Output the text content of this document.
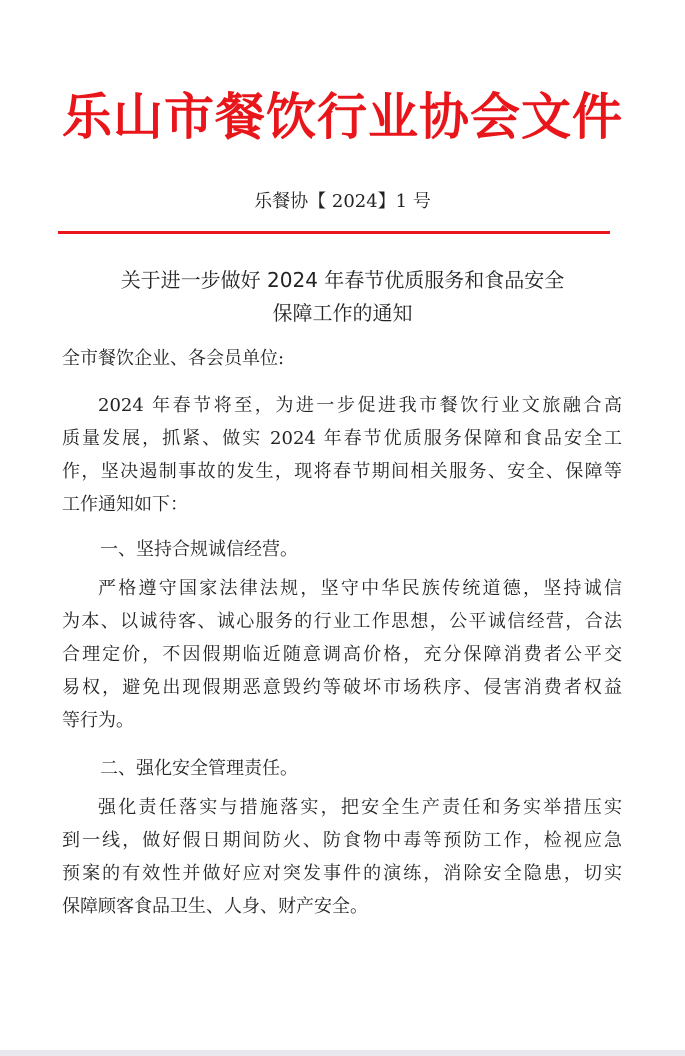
乐山市餐饮行业协会文件
乐餐协【 2024】1 号
关于进一步做好 2024 年春节优质服务和食品安全
保障工作的通知
全市餐饮企业、各会员单位:
2024 年春节将至，为进一步促进我市餐饮行业文旅融合高
质量发展，抓紧、做实 2024 年春节优质服务保障和食品安全工
作，坚决遏制事故的发生，现将春节期间相关服务、安全、保障等
工作通知如下：
一、坚持合规诚信经营。
严格遵守国家法律法规，坚守中华民族传统道德，坚持诚信
为本、以诚待客、诚心服务的行业工作思想，公平诚信经营，合法
合理定价，不因假期临近随意调高价格，充分保障消费者公平交
易权，避免出现假期恶意毁约等破坏市场秩序、侵害消费者权益
等行为。
二、强化安全管理责任。
强化责任落实与措施落实，把安全生产责任和务实举措压实
到一线，做好假日期间防火、防食物中毒等预防工作，检视应急
预案的有效性并做好应对突发事件的演练，消除安全隐患，切实
保障顾客食品卫生、人身、财产安全。
